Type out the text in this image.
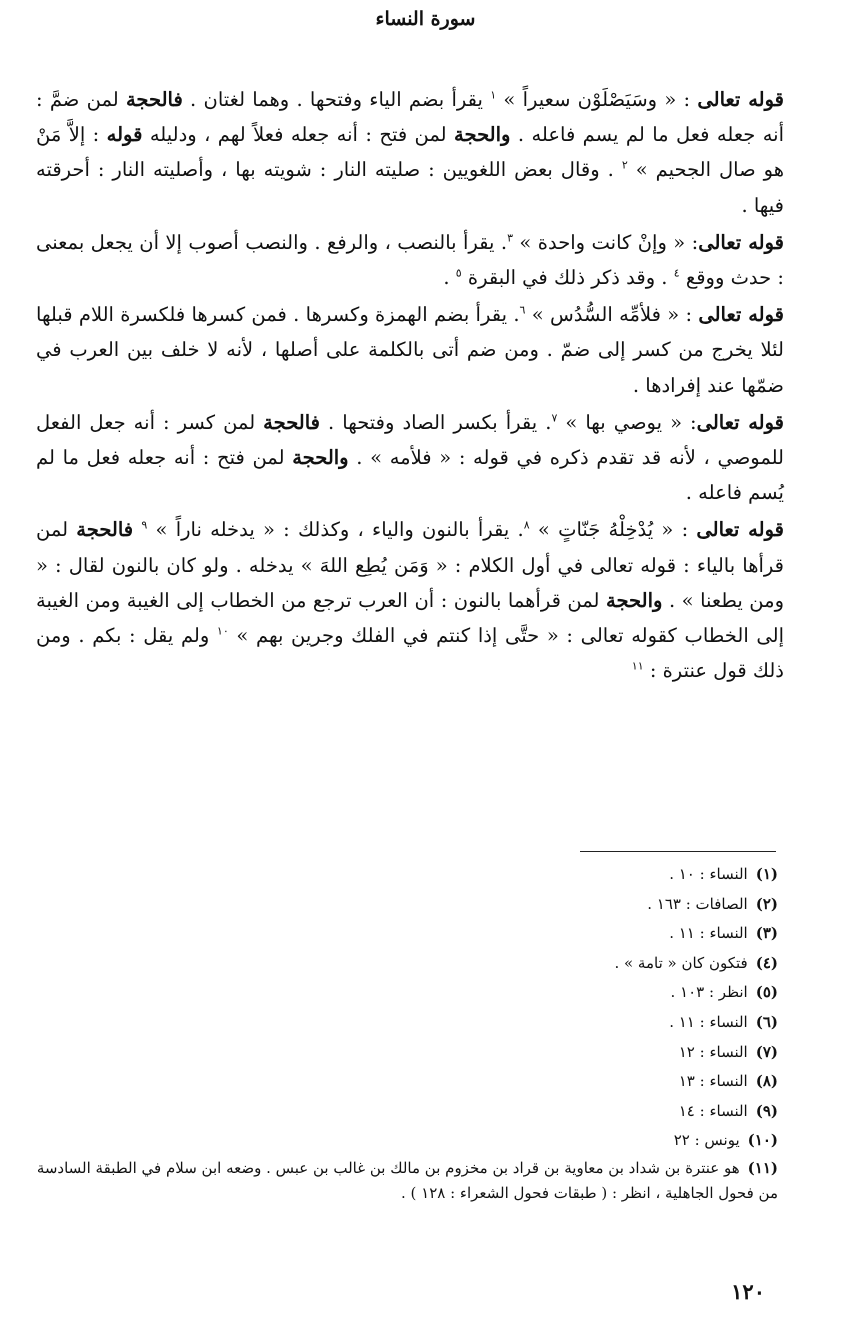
سورة النساء

قوله تعالى : « وسَيَصْلَوْن سعيراً » $^١$ يقرأ بضم الياء وفتحها . وهما لغتان . فالحجة لمن ضمَّ : أنه جعله فعل ما لم يسم فاعله . والحجة لمن فتح : أنه جعله فعلاً لهم ، ودليله قوله : إلاَّ مَنْ هو صال الجحيم » $^٢$ . وقال بعض اللغويين : صليته النار : شويته بها ، وأصليته النار : أحرقته فيها .

قوله تعالى: « وإنْ كانت واحدة » $^٣$. يقرأ بالنصب ، والرفع . والنصب أصوب إلا أن يجعل بمعنى : حدث ووقع $^٤$ . وقد ذكر ذلك في البقرة $^٥$ .

قوله تعالى : « فلأمِّه السُّدُس » $^٦$. يقرأ بضم الهمزة وكسرها . فمن كسرها فلكسرة اللام قبلها لئلا يخرج من كسر إلى ضمّ . ومن ضم أتى بالكلمة على أصلها ، لأنه لا خلف بين العرب في ضمّها عند إفرادها .

قوله تعالى: « يوصي بها » $^٧$. يقرأ بكسر الصاد وفتحها . فالحجة لمن كسر : أنه جعل الفعل للموصي ، لأنه قد تقدم ذكره في قوله : « فلأمه » . والحجة لمن فتح : أنه جعله فعل ما لم يُسم فاعله .

قوله تعالى : « يُدْخِلْهُ جَنّاتٍ » $^٨$. يقرأ بالنون والياء ، وكذلك : « يدخله ناراً » $^٩$ فالحجة لمن قرأها بالياء : قوله تعالى في أول الكلام : « وَمَن يُطِع اللهَ » يدخله . ولو كان بالنون لقال : « ومن يطعنا » . والحجة لمن قرأهما بالنون : أن العرب ترجع من الخطاب إلى الغيبة ومن الغيبة إلى الخطاب كقوله تعالى : « حتَّى إذا كنتم في الفلك وجرين بهم » $^{١٠}$ ولم يقل : بكم . ومن ذلك قول عنترة : $^{١١}$

(١)النساء : ١٠ .
(٢)الصافات : ١٦٣ .
(٣)النساء : ١١ .
(٤)فتكون كان « تامة » .
(٥)انظر : ١٠٣ .
(٦)النساء : ١١ .
(٧)النساء : ١٢
(٨)النساء : ١٣
(٩)النساء : ١٤
(١٠)يونس : ٢٢
(١١)هو عنترة بن شداد بن معاوية بن قراد بن مخزوم بن مالك بن غالب بن عبس . وضعه ابن سلام في الطبقة السادسة من فحول الجاهلية ، انظر : ( طبقات فحول الشعراء : ١٢٨ ) .
١٢٠
